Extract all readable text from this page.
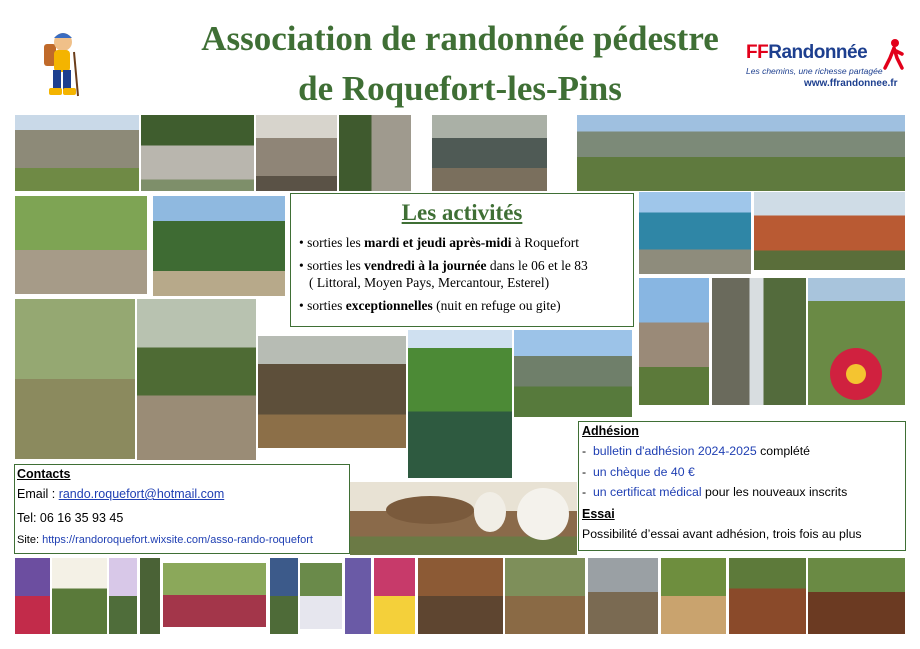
Association de randonnée pédestre
de Roquefort-les-Pins
FFRandonnée
Les chemins, une richesse partagée
www.ffrandonnee.fr
Les activités
• sorties les mardi et jeudi après-midi à Roquefort
• sorties les vendredi à la journée dans le 06 et le 83
( Littoral, Moyen Pays, Mercantour, Esterel)
• sorties exceptionnelles (nuit en refuge ou gite)
Contacts
Email : rando.roquefort@hotmail.com
Tel: 06 16 35 93 45
Site: https://randoroquefort.wixsite.com/asso-rando-roquefort
Adhésion
- bulletin d'adhésion 2024-2025 complété
- un chèque de 40 €
- un certificat médical pour les nouveaux inscrits
Essai
Possibilité d’essai avant adhésion, trois fois au plus
